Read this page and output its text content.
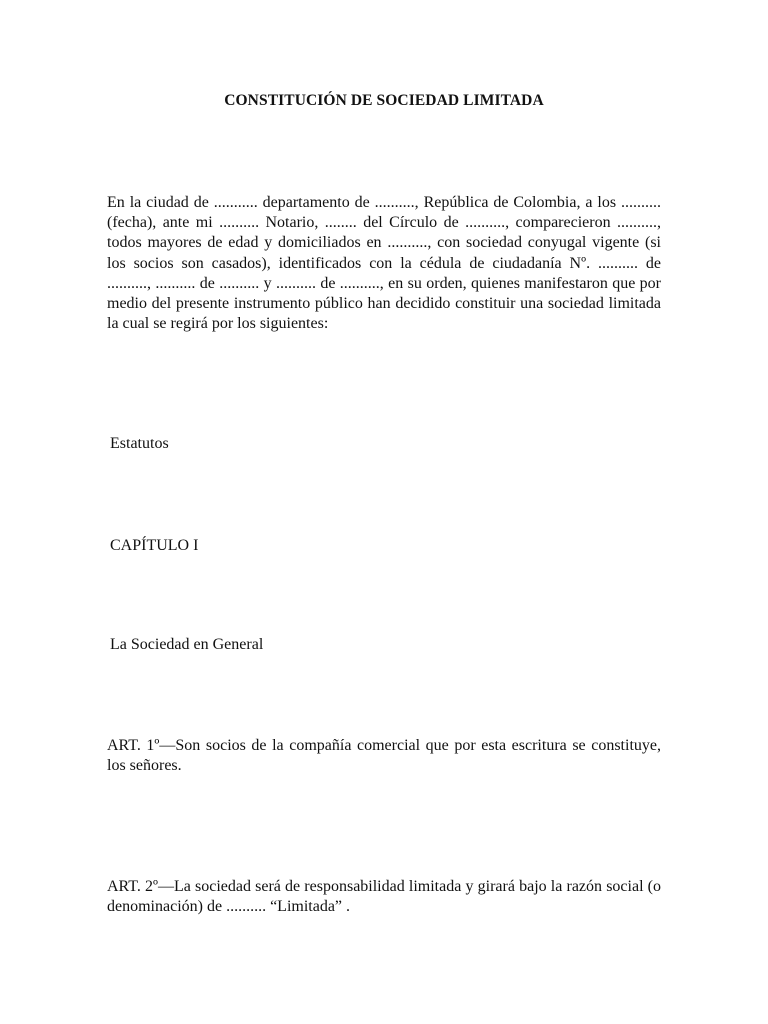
CONSTITUCIÓN DE SOCIEDAD LIMITADA
En la ciudad de ........... departamento de .........., República de Colombia, a los .......... (fecha), ante mi .......... Notario, ........ del Círculo de .........., comparecieron .........., todos mayores de edad y domiciliados en .........., con sociedad conyugal vigente (si los socios son casados), identificados con la cédula de ciudadanía Nº. .......... de .........., .......... de .......... y .......... de .........., en su orden, quienes manifestaron que por medio del presente instrumento público han decidido constituir una sociedad limitada la cual se regirá por los siguientes:
Estatutos
CAPÍTULO I
La Sociedad en General
ART. 1º—Son socios de la compañía comercial que por esta escritura se constituye, los señores.
ART. 2º—La sociedad será de responsabilidad limitada y girará bajo la razón social (o denominación) de .......... “Limitada” .
